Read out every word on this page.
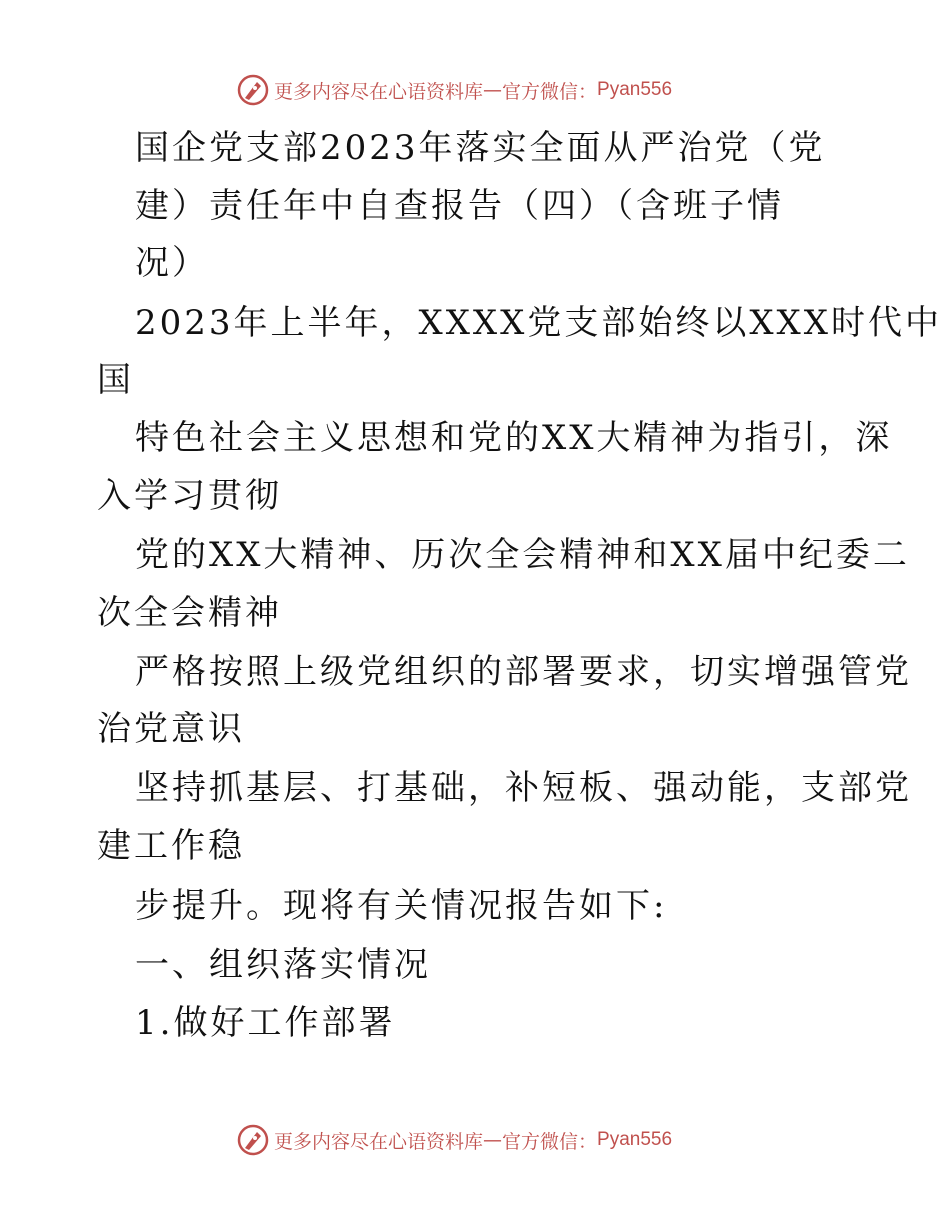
更多内容尽在心语资料库 — 官方微信： Pyan556
国企党支部2023年落实全面从严治党（党
建）责任年中自查报告（四）（含班子情
况）
2023年上半年，XXXX党支部始终以XXX时代中
国
特色社会主义思想和党的XX大精神为指引，深
入学习贯彻
党的XX大精神、历次全会精神和XX届中纪委二
次全会精神
严格按照上级党组织的部署要求，切实增强管党
治党意识
坚持抓基层、打基础，补短板、强动能，支部党
建工作稳
步提升。现将有关情况报告如下:
一、组织落实情况
1.做好工作部署
更多内容尽在心语资料库 — 官方微信： Pyan556
